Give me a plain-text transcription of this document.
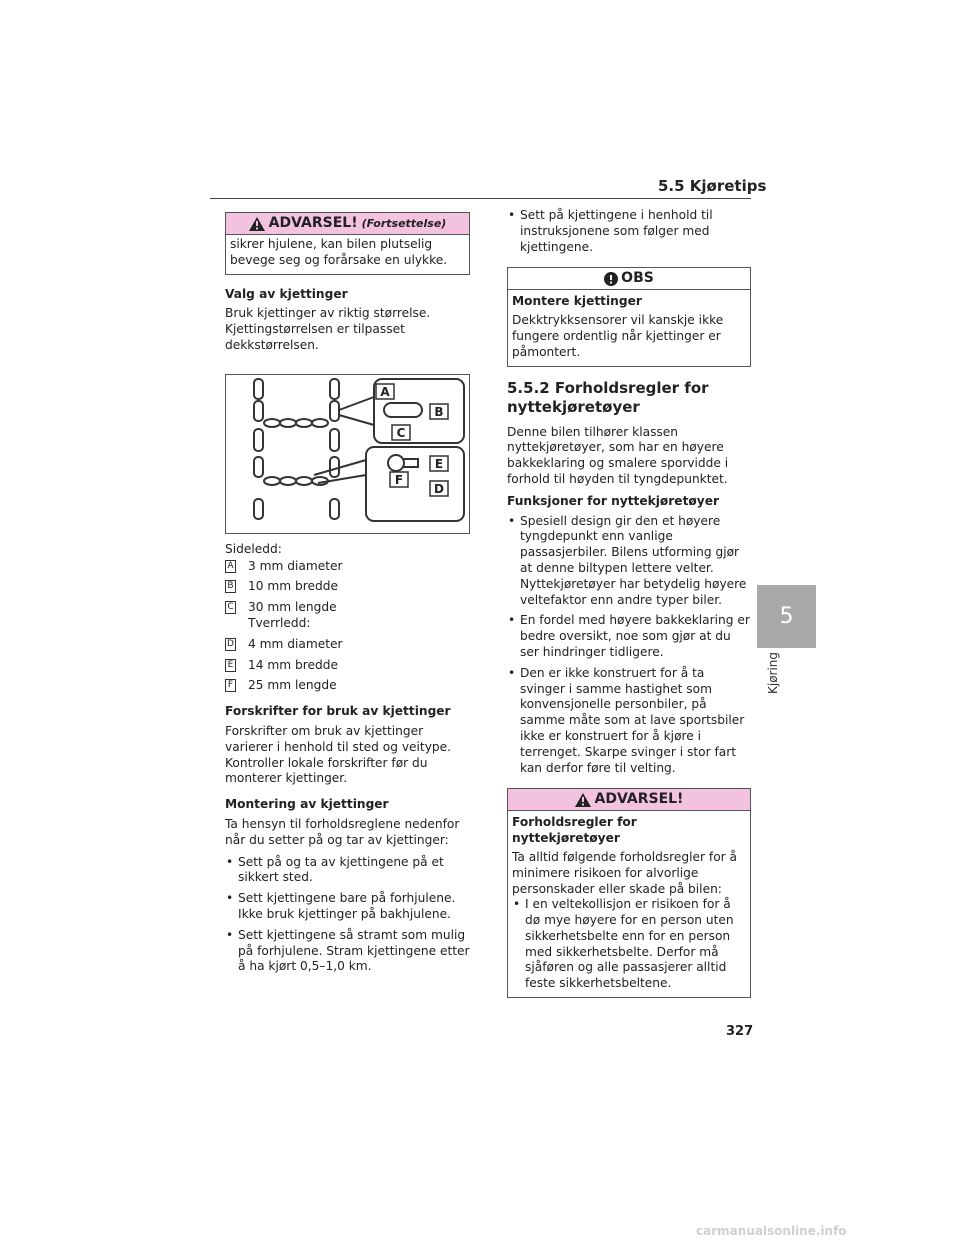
5.5 Kjøretips
5
Kjøring
ADVARSEL! (Fortsettelse)
sikrer hjulene, kan bilen plutselig bevege seg og forårsake en ulykke.
Valg av kjettinger
Bruk kjettinger av riktig størrelse. Kjettingstørrelsen er tilpasset dekkstørrelsen.
A
B
C
E
F
D
Sideledd:
A 3 mm diameter
B 10 mm bredde
C 30 mm lengde
Tverrledd:
D 4 mm diameter
E 14 mm bredde
F 25 mm lengde
Forskrifter for bruk av kjettinger
Forskrifter om bruk av kjettinger varierer i henhold til sted og veitype. Kontroller lokale forskrifter før du monterer kjettinger.
Montering av kjettinger
Ta hensyn til forholdsreglene nedenfor når du setter på og tar av kjettinger:
• Sett på og ta av kjettingene på et sikkert sted.
• Sett kjettingene bare på forhjulene. Ikke bruk kjettinger på bakhjulene.
• Sett kjettingene så stramt som mulig på forhjulene. Stram kjettingene etter å ha kjørt 0,5–1,0 km.
• Sett på kjettingene i henhold til instruksjonene som følger med kjettingene.
OBS
Montere kjettinger
Dekktrykksensorer vil kanskje ikke fungere ordentlig når kjettinger er påmontert.
5.5.2 Forholdsregler for nyttekjøretøyer
Denne bilen tilhører klassen nyttekjøretøyer, som har en høyere bakkeklaring og smalere sporvidde i forhold til høyden til tyngdepunktet.
Funksjoner for nyttekjøretøyer
• Spesiell design gir den et høyere tyngdepunkt enn vanlige passasjerbiler. Bilens utforming gjør at denne biltypen lettere velter. Nyttekjøretøyer har betydelig høyere veltefaktor enn andre typer biler.
• En fordel med høyere bakkeklaring er bedre oversikt, noe som gjør at du ser hindringer tidligere.
• Den er ikke konstruert for å ta svinger i samme hastighet som konvensjonelle personbiler, på samme måte som at lave sportsbiler ikke er konstruert for å kjøre i terrenget. Skarpe svinger i stor fart kan derfor føre til velting.
ADVARSEL!
Forholdsregler for nyttekjøretøyer
Ta alltid følgende forholdsregler for å minimere risikoen for alvorlige personskader eller skade på bilen:
• I en veltekollisjon er risikoen for å dø mye høyere for en person uten sikkerhetsbelte enn for en person med sikkerhetsbelte. Derfor må sjåføren og alle passasjerer alltid feste sikkerhetsbeltene.
327
carmanualsonline.info
